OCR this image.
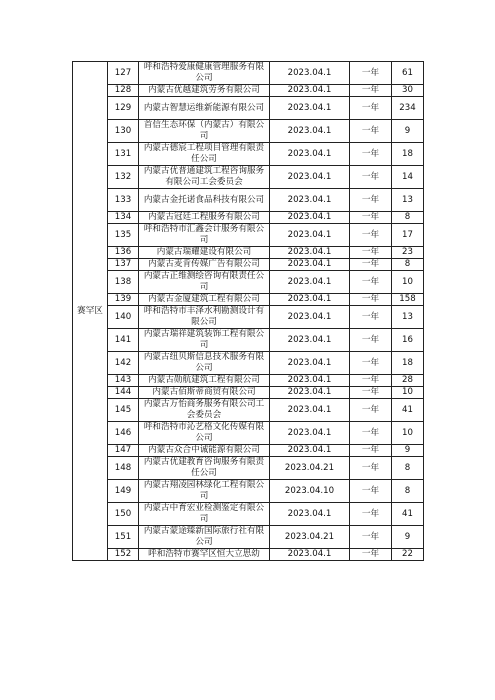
赛罕区	127	呼和浩特爱康健康管理服务有限公司	2023.04.1	一年	61
	128	内蒙古优越建筑劳务有限公司	2023.04.1	一年	30
	129	内蒙古智慧运维新能源有限公司	2023.04.1	一年	234
	130	首信生态环保（内蒙古）有限公司	2023.04.1	一年	9
	131	内蒙古德宸工程项目管理有限责任公司	2023.04.1	一年	18
	132	内蒙古优普通建筑工程咨询服务有限公司工会委员会	2023.04.1	一年	14
	133	内蒙古金托诺食品科技有限公司	2023.04.1	一年	13
	134	内蒙古冠廷工程服务有限公司	2023.04.1	一年	8
	135	呼和浩特市汇鑫会计服务有限公司	2023.04.1	一年	17
	136	内蒙古瑞耀建设有限公司	2023.04.1	一年	23
	137	内蒙古麦肯传媒广告有限公司	2023.04.1	一年	8
	138	内蒙古正维测绘咨询有限责任公司	2023.04.1	一年	10
	139	内蒙古金厦建筑工程有限公司	2023.04.1	一年	158
	140	呼和浩特市丰泽水利勘测设计有限公司	2023.04.1	一年	13
	141	内蒙古瑞祥建筑装饰工程有限公司	2023.04.1	一年	16
	142	内蒙古纽贝斯信息技术服务有限公司	2023.04.1	一年	18
	143	内蒙古勋航建筑工程有限公司	2023.04.1	一年	28
	144	内蒙古佰斯蒂商贸有限公司	2023.04.1	一年	10
	145	内蒙古万怡商务服务有限公司工会委员会	2023.04.1	一年	41
	146	呼和浩特市沁艺格文化传媒有限公司	2023.04.1	一年	10
	147	内蒙古众合中诚能源有限公司	2023.04.1	一年	9
	148	内蒙古优建教育咨询服务有限责任公司	2023.04.21	一年	8
	149	内蒙古翔凌园林绿化工程有限公司	2023.04.10	一年	8
	150	内蒙古中育宏业检测鉴定有限公司	2023.04.1	一年	41
	151	内蒙古蒙途臻新国际旅行社有限公司	2023.04.21	一年	9
	152	呼和浩特市赛罕区恒大立思幼	2023.04.1	一年	22
